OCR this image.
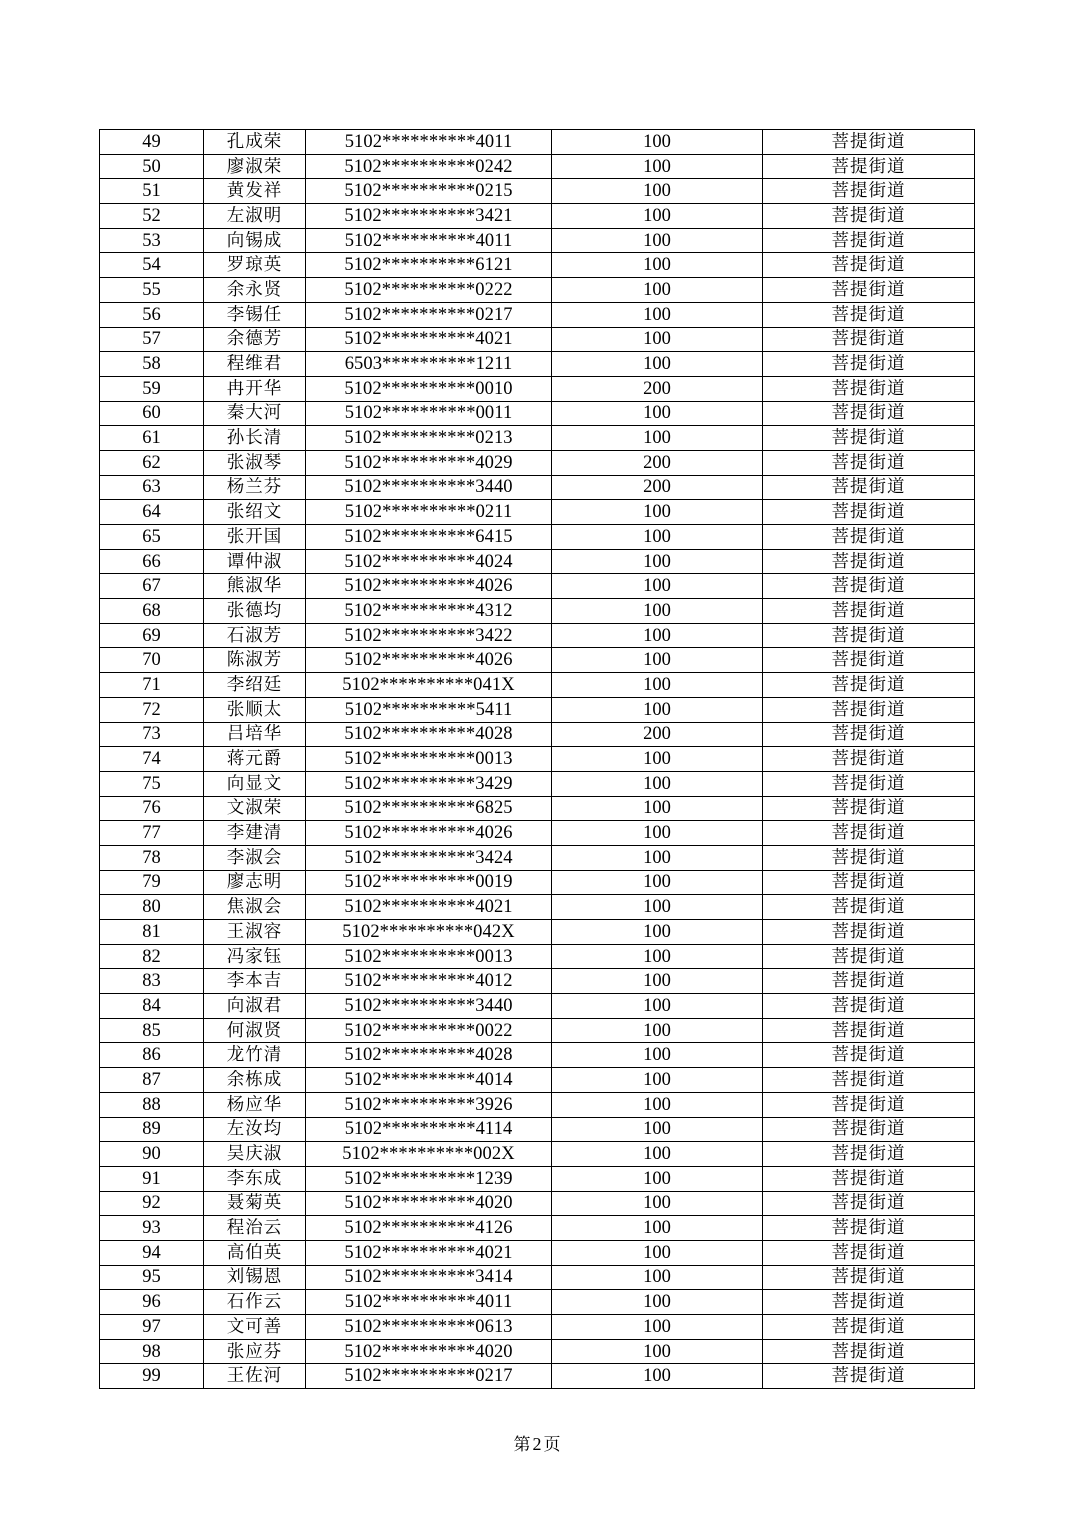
49	孔成荣	5102**********4011	100	菩提街道
50	廖淑荣	5102**********0242	100	菩提街道
51	黄发祥	5102**********0215	100	菩提街道
52	左淑明	5102**********3421	100	菩提街道
53	向锡成	5102**********4011	100	菩提街道
54	罗琼英	5102**********6121	100	菩提街道
55	余永贤	5102**********0222	100	菩提街道
56	李锡任	5102**********0217	100	菩提街道
57	余德芳	5102**********4021	100	菩提街道
58	程维君	6503**********1211	100	菩提街道
59	冉开华	5102**********0010	200	菩提街道
60	秦大河	5102**********0011	100	菩提街道
61	孙长清	5102**********0213	100	菩提街道
62	张淑琴	5102**********4029	200	菩提街道
63	杨兰芬	5102**********3440	200	菩提街道
64	张绍文	5102**********0211	100	菩提街道
65	张开国	5102**********6415	100	菩提街道
66	谭仲淑	5102**********4024	100	菩提街道
67	熊淑华	5102**********4026	100	菩提街道
68	张德均	5102**********4312	100	菩提街道
69	石淑芳	5102**********3422	100	菩提街道
70	陈淑芳	5102**********4026	100	菩提街道
71	李绍廷	5102**********041X	100	菩提街道
72	张顺太	5102**********5411	100	菩提街道
73	吕培华	5102**********4028	200	菩提街道
74	蒋元爵	5102**********0013	100	菩提街道
75	向显文	5102**********3429	100	菩提街道
76	文淑荣	5102**********6825	100	菩提街道
77	李建清	5102**********4026	100	菩提街道
78	李淑会	5102**********3424	100	菩提街道
79	廖志明	5102**********0019	100	菩提街道
80	焦淑会	5102**********4021	100	菩提街道
81	王淑容	5102**********042X	100	菩提街道
82	冯家钰	5102**********0013	100	菩提街道
83	李本吉	5102**********4012	100	菩提街道
84	向淑君	5102**********3440	100	菩提街道
85	何淑贤	5102**********0022	100	菩提街道
86	龙竹清	5102**********4028	100	菩提街道
87	余栋成	5102**********4014	100	菩提街道
88	杨应华	5102**********3926	100	菩提街道
89	左汝均	5102**********4114	100	菩提街道
90	吴庆淑	5102**********002X	100	菩提街道
91	李东成	5102**********1239	100	菩提街道
92	聂菊英	5102**********4020	100	菩提街道
93	程治云	5102**********4126	100	菩提街道
94	高伯英	5102**********4021	100	菩提街道
95	刘锡恩	5102**********3414	100	菩提街道
96	石作云	5102**********4011	100	菩提街道
97	文可善	5102**********0613	100	菩提街道
98	张应芬	5102**********4020	100	菩提街道
99	王佐河	5102**********0217	100	菩提街道
第 2 页
